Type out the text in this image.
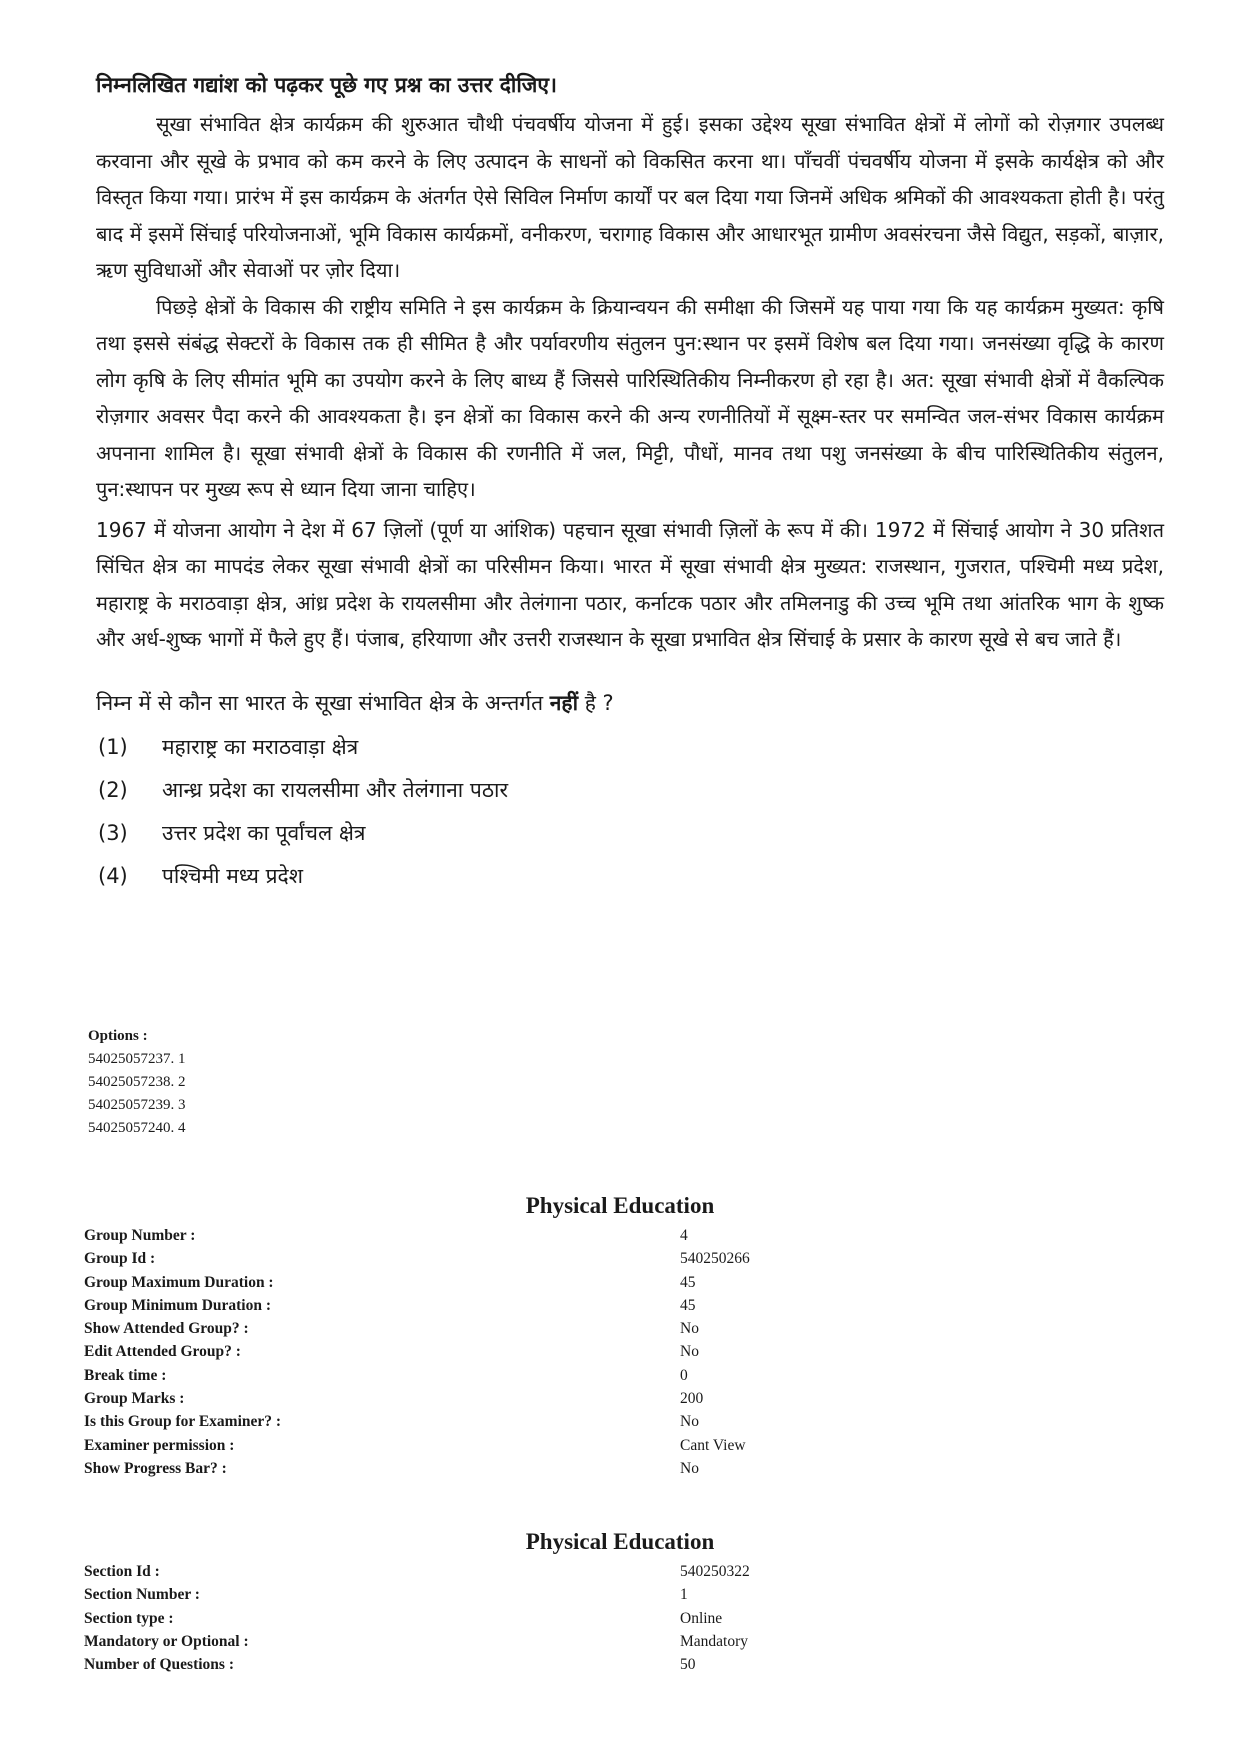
निम्नलिखित गद्यांश को पढ़कर पूछे गए प्रश्न का उत्तर दीजिए।

सूखा संभावित क्षेत्र कार्यक्रम की शुरुआत चौथी पंचवर्षीय योजना में हुई। इसका उद्देश्य सूखा संभावित क्षेत्रों में लोगों को रोज़गार उपलब्ध करवाना और सूखे के प्रभाव को कम करने के लिए उत्पादन के साधनों को विकसित करना था। पाँचवीं पंचवर्षीय योजना में इसके कार्यक्षेत्र को और विस्तृत किया गया। प्रारंभ में इस कार्यक्रम के अंतर्गत ऐसे सिविल निर्माण कार्यों पर बल दिया गया जिनमें अधिक श्रमिकों की आवश्यकता होती है। परंतु बाद में इसमें सिंचाई परियोजनाओं, भूमि विकास कार्यक्रमों, वनीकरण, चरागाह विकास और आधारभूत ग्रामीण अवसंरचना जैसे विद्युत, सड़कों, बाज़ार, ऋण सुविधाओं और सेवाओं पर ज़ोर दिया।

पिछड़े क्षेत्रों के विकास की राष्ट्रीय समिति ने इस कार्यक्रम के क्रियान्वयन की समीक्षा की जिसमें यह पाया गया कि यह कार्यक्रम मुख्यत: कृषि तथा इससे संबंद्ध सेक्टरों के विकास तक ही सीमित है और पर्यावरणीय संतुलन पुन:स्थान पर इसमें विशेष बल दिया गया। जनसंख्या वृद्धि के कारण लोग कृषि के लिए सीमांत भूमि का उपयोग करने के लिए बाध्य हैं जिससे पारिस्थितिकीय निम्नीकरण हो रहा है। अत: सूखा संभावी क्षेत्रों में वैकल्पिक रोज़गार अवसर पैदा करने की आवश्यकता है। इन क्षेत्रों का विकास करने की अन्य रणनीतियों में सूक्ष्म-स्तर पर समन्वित जल-संभर विकास कार्यक्रम अपनाना शामिल है। सूखा संभावी क्षेत्रों के विकास की रणनीति में जल, मिट्टी, पौधों, मानव तथा पशु जनसंख्या के बीच पारिस्थितिकीय संतुलन, पुन:स्थापन पर मुख्य रूप से ध्यान दिया जाना चाहिए।

1967 में योजना आयोग ने देश में 67 ज़िलों (पूर्ण या आंशिक) पहचान सूखा संभावी ज़िलों के रूप में की। 1972 में सिंचाई आयोग ने 30 प्रतिशत सिंचित क्षेत्र का मापदंड लेकर सूखा संभावी क्षेत्रों का परिसीमन किया। भारत में सूखा संभावी क्षेत्र मुख्यत: राजस्थान, गुजरात, पश्चिमी मध्य प्रदेश, महाराष्ट्र के मराठवाड़ा क्षेत्र, आंध्र प्रदेश के रायलसीमा और तेलंगाना पठार, कर्नाटक पठार और तमिलनाडु की उच्च भूमि तथा आंतरिक भाग के शुष्क और अर्ध-शुष्क भागों में फैले हुए हैं। पंजाब, हरियाणा और उत्तरी राजस्थान के सूखा प्रभावित क्षेत्र सिंचाई के प्रसार के कारण सूखे से बच जाते हैं।

निम्न में से कौन सा भारत के सूखा संभावित क्षेत्र के अन्तर्गत नहीं है ?

(1)	महाराष्ट्र का मराठवाड़ा क्षेत्र
(2)	आन्ध्र प्रदेश का रायलसीमा और तेलंगाना पठार
(3)	उत्तर प्रदेश का पूर्वांचल क्षेत्र
(4)	पश्चिमी मध्य प्रदेश
Options :
54025057237. 1
54025057238. 2
54025057239. 3
54025057240. 4
Physical Education
Group Number :	4
Group Id :	540250266
Group Maximum Duration :	45
Group Minimum Duration :	45
Show Attended Group? :	No
Edit Attended Group? :	No
Break time :	0
Group Marks :	200
Is this Group for Examiner? :	No
Examiner permission :	Cant View
Show Progress Bar? :	No
Physical Education
Section Id :	540250322
Section Number :	1
Section type :	Online
Mandatory or Optional :	Mandatory
Number of Questions :	50
